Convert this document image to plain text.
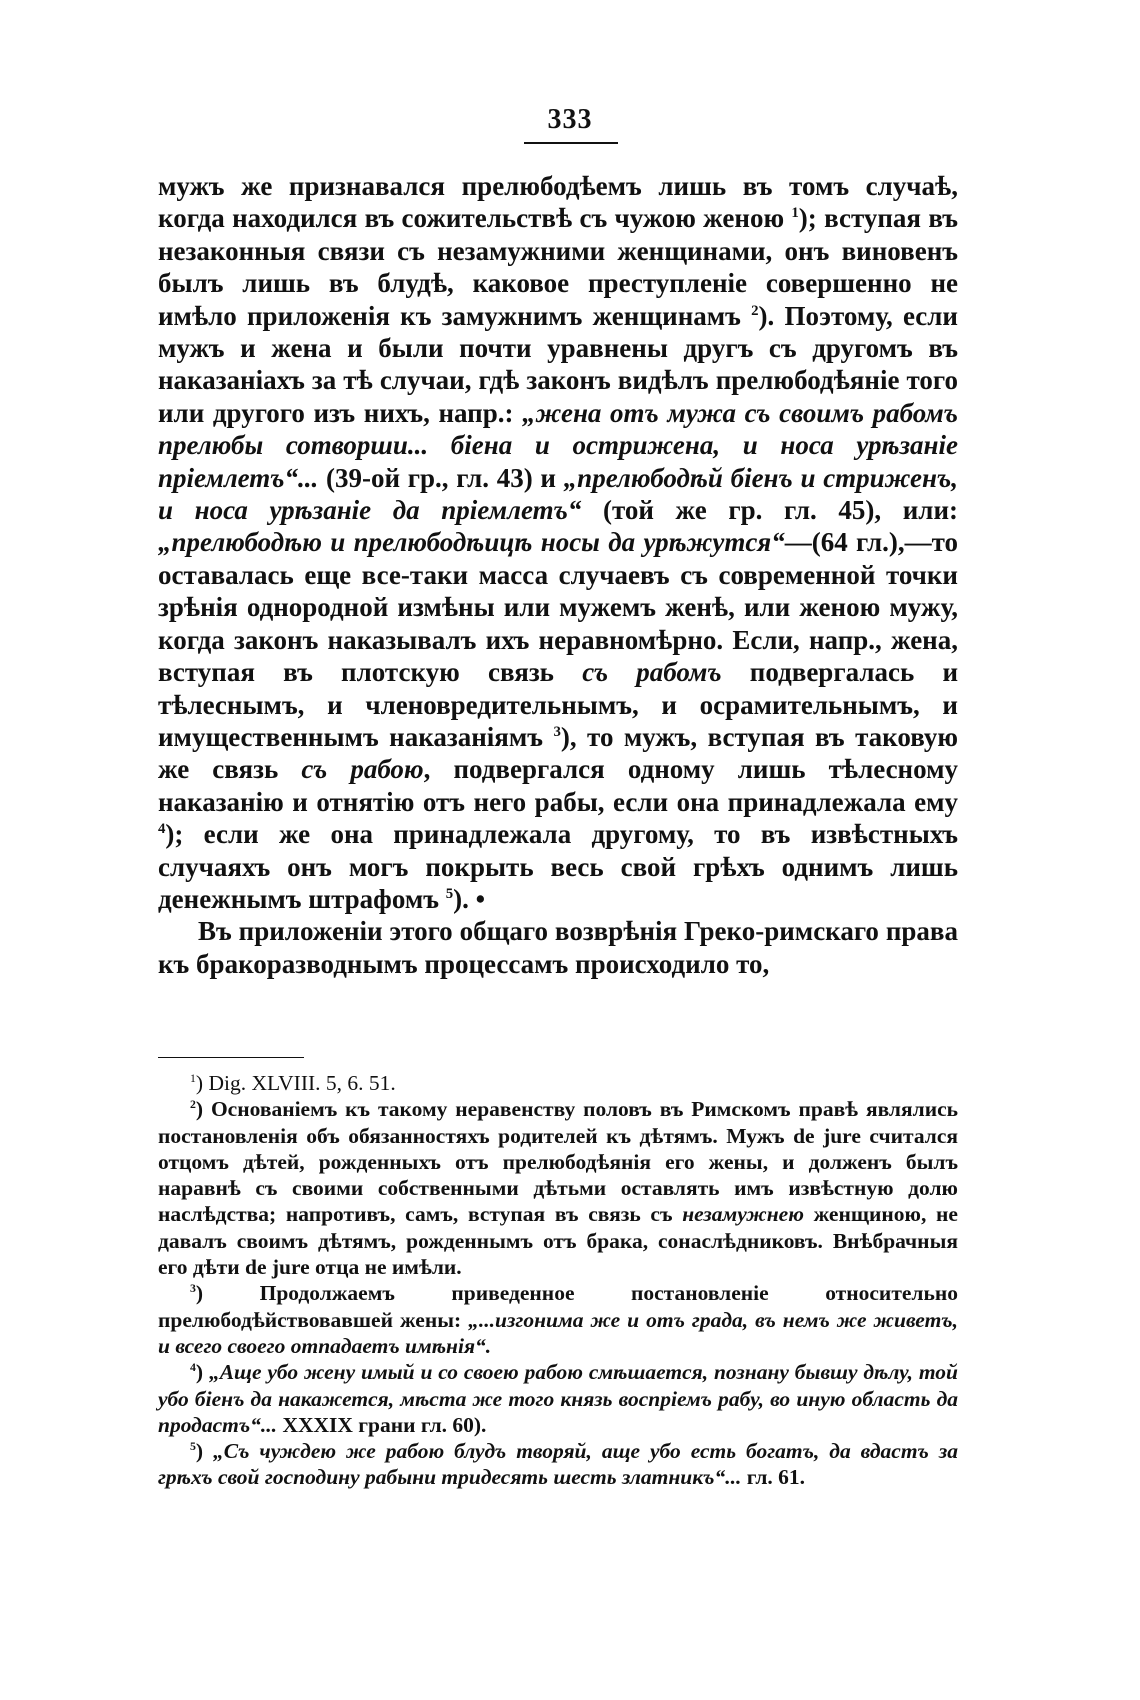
333

мужъ же признавался прелюбодѣемъ лишь въ томъ случаѣ, когда находился въ сожительствѣ съ чужою женою $^1$); вступая въ незаконныя связи съ незамужними женщинами, онъ виновенъ былъ лишь въ блудѣ, каковое преступленіе совершенно не имѣло приложенія къ замужнимъ женщинамъ $^2$). Поэтому, если мужъ и жена и были почти уравнены другъ съ другомъ въ наказаніахъ за тѣ случаи, гдѣ законъ видѣлъ прелюбодѣяніе того или другого изъ нихъ, напр.: „жена отъ мужа съ своимъ рабомъ прелюбы сотворши... біена и острижена, и носа урѣзаніе пріемлетъ“... (39-ой гр., гл. 43) и „прелюбодѣй біенъ и стриженъ, и носа урѣзаніе да пріемлетъ“ (той же гр. гл. 45), или: „прелюбодѣю и прелюбодѣицѣ носы да урѣжутся“—(64 гл.),—то оставалась еще все-таки масса случаевъ съ современной точки зрѣнія однородной измѣны или мужемъ женѣ, или женою мужу, когда законъ наказывалъ ихъ неравномѣрно. Если, напр., жена, вступая въ плотскую связь съ рабомъ подвергалась и тѣлеснымъ, и членовредительнымъ, и осрамительнымъ, и имущественнымъ наказаніямъ $^3$), то мужъ, вступая въ таковую же связь съ рабою, подвергался одному лишь тѣлесному наказанію и отнятію отъ него рабы, если она принадлежала ему $^4$); если же она принадлежала другому, то въ извѣстныхъ случаяхъ онъ могъ покрыть весь свой грѣхъ однимъ лишь денежнымъ штрафомъ $^5$). •

Въ приложеніи этого общаго возврѣнія Греко-римскаго права къ бракоразводнымъ процессамъ происходило то,

$^1$) Dig. XLVIII. 5, 6. 51.

$^2$) Основаніемъ къ такому неравенству половъ въ Римскомъ правѣ являлись постановленія объ обязанностяхъ родителей къ дѣтямъ. Мужъ de jure считался отцомъ дѣтей, рожденныхъ отъ прелюбодѣянія его жены, и долженъ былъ наравнѣ съ своими собственными дѣтьми оставлять имъ извѣстную долю наслѣдства; напротивъ, самъ, вступая въ связь съ незамужнею женщиною, не давалъ своимъ дѣтямъ, рожденнымъ отъ брака, сонаслѣдниковъ. Внѣбрачныя его дѣти de jure отца не имѣли.

$^3$) Продолжаемъ приведенное постановленіе относительно прелюбодѣйствовавшей жены: „...изгонима же и отъ града, въ немъ же живетъ, и всего своего отпадаетъ имѣнія“.

$^4$) „Аще убо жену имый и со своею рабою смѣшается, познану бывшу дѣлу, той убо біенъ да накажется, мѣста же того князь воспріемъ рабу, во иную область да продастъ“... XXXIX грани гл. 60).

$^5$) „Съ чуждею же рабою блудъ творяй, аще убо есть богатъ, да вдастъ за грѣхъ свой господину рабыни тридесять шесть златникъ“... гл. 61.
